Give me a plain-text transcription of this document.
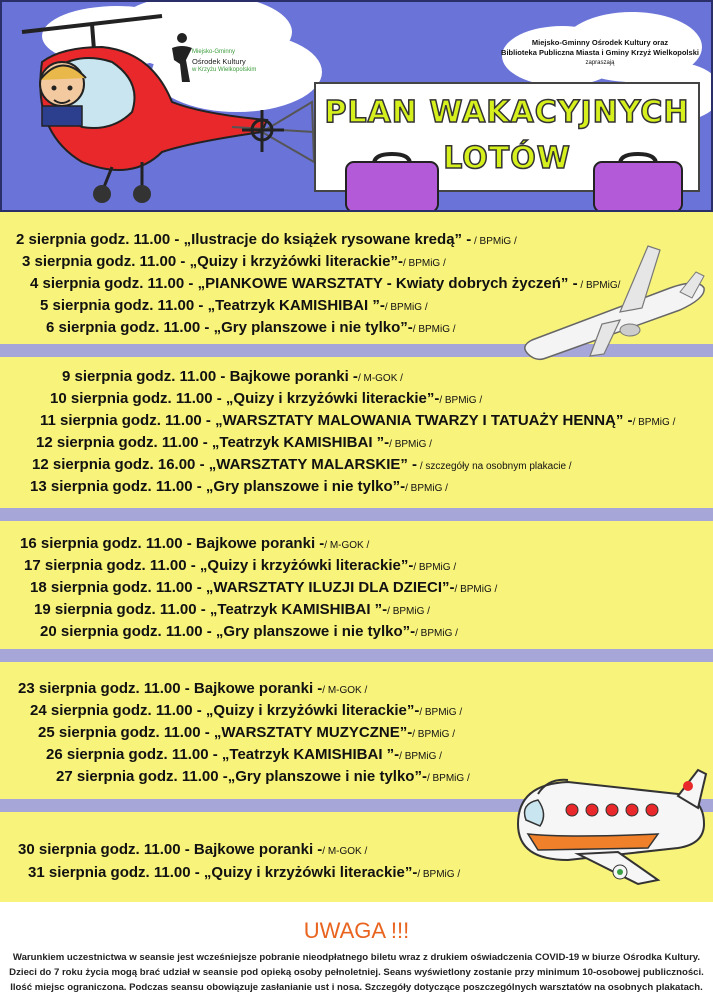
Miejsko-Gminny
Ośrodek Kultury
w Krzyżu Wielkopolskim
Miejsko-Gminny Ośrodek Kultury oraz
Biblioteka Publiczna Miasta i Gminy Krzyż Wielkopolski
zapraszają
PLAN WAKACYJNYCH
LOTÓW
2 sierpnia godz. 11.00 - „Ilustracje do książek rysowane kredą” - / BPMiG /
3 sierpnia godz. 11.00 - „Quizy i krzyżówki literackie”-/ BPMiG /
4 sierpnia godz. 11.00 - „PIANKOWE WARSZTATY - Kwiaty dobrych życzeń” - / BPMiG/
5 sierpnia godz. 11.00 - „Teatrzyk KAMISHIBAI ”-/ BPMiG /
6 sierpnia godz. 11.00 - „Gry planszowe i nie tylko”-/ BPMiG /
9 sierpnia godz. 11.00 - Bajkowe poranki -/ M-GOK /
10 sierpnia godz. 11.00 - „Quizy i krzyżówki literackie”-/ BPMiG /
11 sierpnia godz. 11.00 - „WARSZTATY MALOWANIA TWARZY I TATUAŻY HENNĄ” -/ BPMiG /
12 sierpnia godz. 11.00 - „Teatrzyk KAMISHIBAI ”-/ BPMiG /
12 sierpnia godz. 16.00 - „WARSZTATY MALARSKIE” - / szczegóły na osobnym plakacie /
13 sierpnia godz. 11.00 - „Gry planszowe i nie tylko”-/ BPMiG /
16 sierpnia godz. 11.00 - Bajkowe poranki -/ M-GOK /
17 sierpnia godz. 11.00 - „Quizy i krzyżówki literackie”-/ BPMiG /
18 sierpnia godz. 11.00 - „WARSZTATY ILUZJI DLA DZIECI”-/ BPMiG /
19 sierpnia godz. 11.00 - „Teatrzyk KAMISHIBAI ”-/ BPMiG /
20 sierpnia godz. 11.00 - „Gry planszowe i nie tylko”-/ BPMiG /
23 sierpnia godz. 11.00 - Bajkowe poranki -/ M-GOK /
24 sierpnia godz. 11.00 - „Quizy i krzyżówki literackie”-/ BPMiG /
25 sierpnia godz. 11.00 - „WARSZTATY MUZYCZNE”-/ BPMiG /
26 sierpnia godz. 11.00 - „Teatrzyk KAMISHIBAI ”-/ BPMiG /
27 sierpnia godz. 11.00 -„Gry planszowe i nie tylko”-/ BPMiG /
30 sierpnia godz. 11.00 - Bajkowe poranki -/ M-GOK /
31 sierpnia godz. 11.00 - „Quizy i krzyżówki literackie”-/ BPMiG /
UWAGA !!!
Warunkiem uczestnictwa w seansie jest wcześniejsze pobranie nieodpłatnego biletu wraz z drukiem oświadczenia COVID-19 w biurze Ośrodka Kultury.
Dzieci do 7 roku życia mogą brać udział w seansie pod opieką osoby pełnoletniej. Seans wyświetlony zostanie przy minimum 10-osobowej publiczności.
Ilość miejsc ograniczona. Podczas seansu obowiązuje zasłanianie ust i nosa. Szczegóły dotyczące poszczególnych warsztatów na osobnych plakatach.
